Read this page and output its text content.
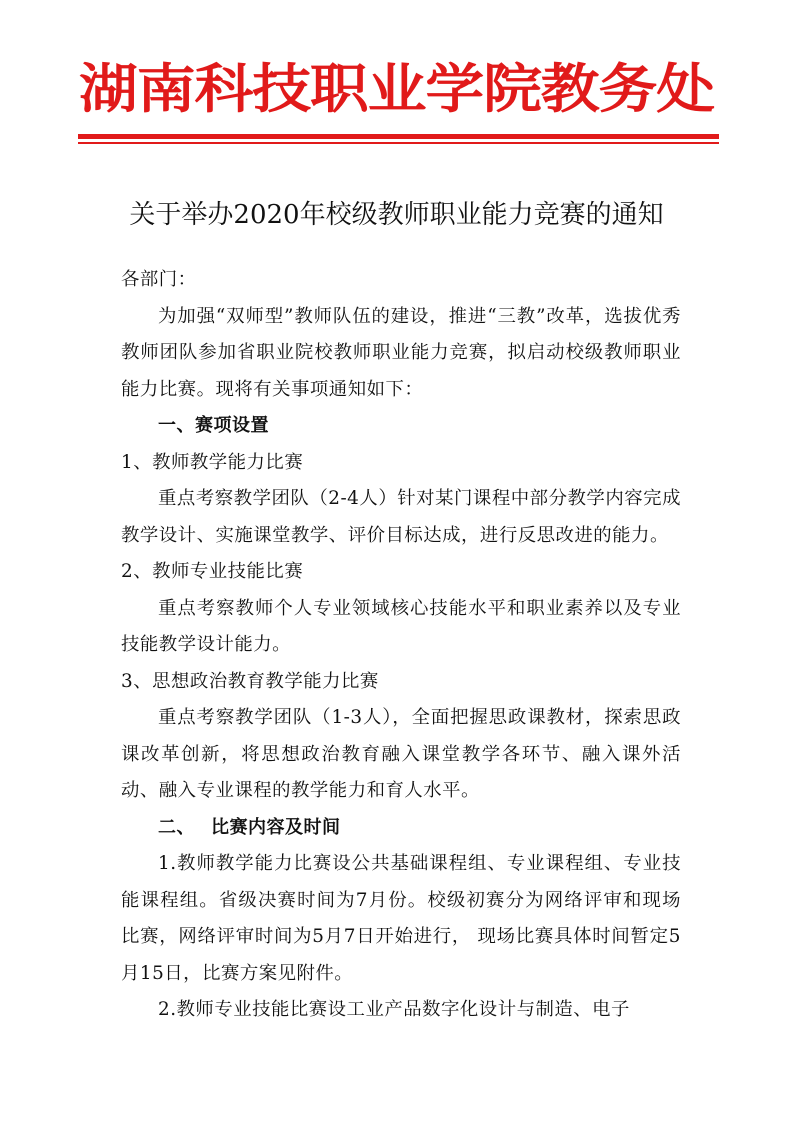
湖南科技职业学院教务处
关于举办2020年校级教师职业能力竞赛的通知

各部门：

为加强“双师型”教师队伍的建设，推进“三教”改革，选拔优秀教师团队参加省职业院校教师职业能力竞赛，拟启动校级教师职业能力比赛。现将有关事项通知如下：

一、赛项设置

1、教师教学能力比赛

重点考察教学团队（2-4人）针对某门课程中部分教学内容完成教学设计、实施课堂教学、评价目标达成，进行反思改进的能力。

2、教师专业技能比赛

重点考察教师个人专业领域核心技能水平和职业素养以及专业技能教学设计能力。

3、思想政治教育教学能力比赛

重点考察教学团队（1-3人），全面把握思政课教材，探索思政课改革创新，将思想政治教育融入课堂教学各环节、融入课外活动、融入专业课程的教学能力和育人水平。

二、 比赛内容及时间

1.教师教学能力比赛设公共基础课程组、专业课程组、专业技能课程组。省级决赛时间为7月份。校级初赛分为网络评审和现场比赛，网络评审时间为5月7日开始进行， 现场比赛具体时间暂定5月15日，比赛方案见附件。

2.教师专业技能比赛设工业产品数字化设计与制造、电子
